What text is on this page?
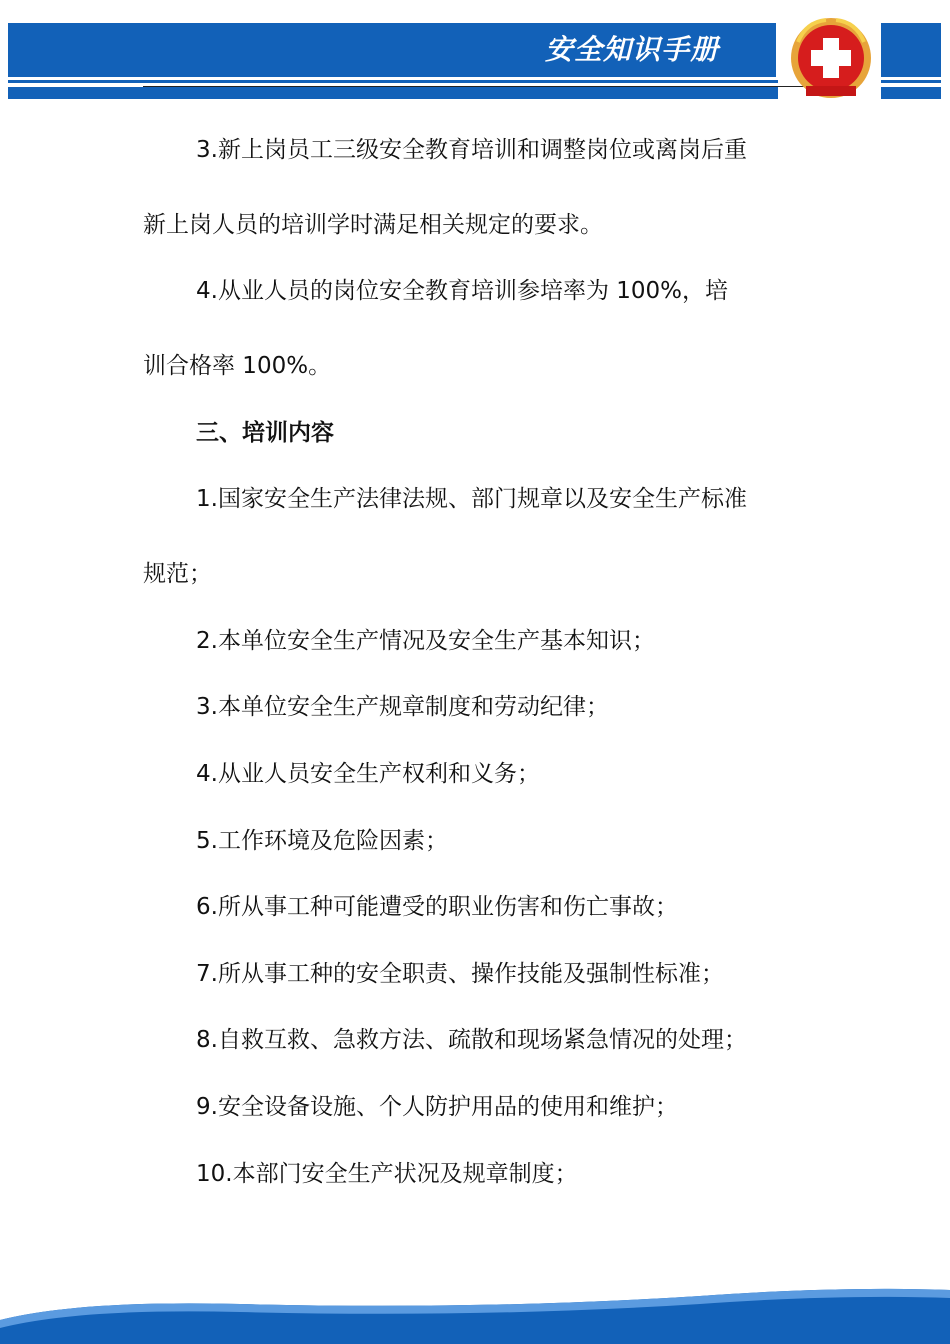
安全知识手册
3.新上岗员工三级安全教育培训和调整岗位或离岗后重
新上岗人员的培训学时满足相关规定的要求。
4.从业人员的岗位安全教育培训参培率为 100%，培
训合格率 100%。
三、培训内容
1.国家安全生产法律法规、部门规章以及安全生产标准
规范；
2.本单位安全生产情况及安全生产基本知识；
3.本单位安全生产规章制度和劳动纪律；
4.从业人员安全生产权利和义务；
5.工作环境及危险因素；
6.所从事工种可能遭受的职业伤害和伤亡事故；
7.所从事工种的安全职责、操作技能及强制性标准；
8.自救互救、急救方法、疏散和现场紧急情况的处理；
9.安全设备设施、个人防护用品的使用和维护；
10.本部门安全生产状况及规章制度；
